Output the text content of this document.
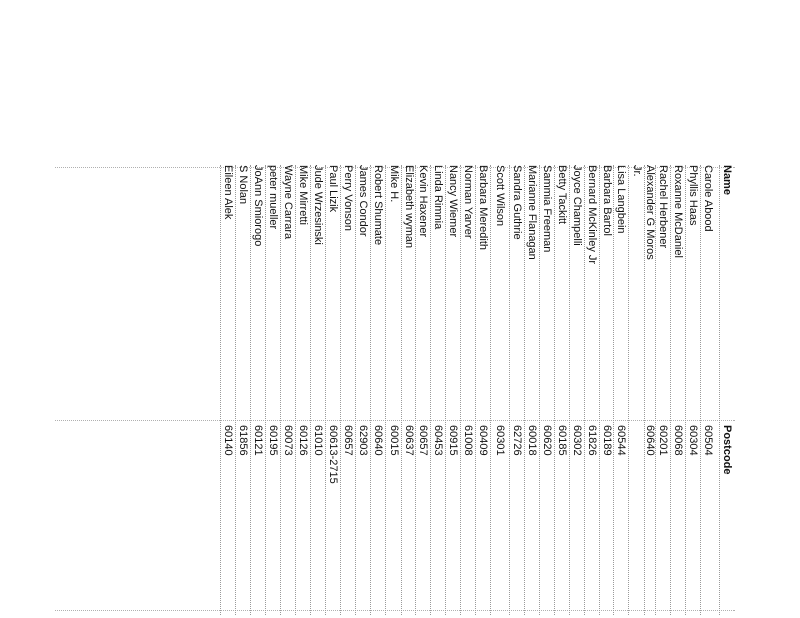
Name
Postcode
Carole Abood
60504
Phyllis Haas
60304
Roxanne McDaniel
60068
Rachel Herbener
60201
Alexander G Moros
60640
Jr.
Lisa Langbein
60544
Barbara Bartol
60189
Bernard McKinley Jr
61826
Joyce Champelli
60302
Betty Tackitt
60185
Sammia Freeman
60620
Marianne Flanagan
60018
Sandra Guthrie
62726
Scott Wilson
60301
Barbara Meredith
60409
Norman Yarver
61008
Nancy Wiemer
60915
Linda Rimnia
60453
Kevin Haxener
60657
Elizabeth wyman
60637
Mike H.
60015
Robert Shumate
60640
James Condor
62903
Perry Vonson
60657
Paul Lizik
60613-2715
Jude Wrzesinski
61010
Mike Mirretti
60126
Wayne Carrara
60073
peter mueller
60195
JoAnn Smiorogo
60121
S Nolan
61856
Eileen Alek
60140
